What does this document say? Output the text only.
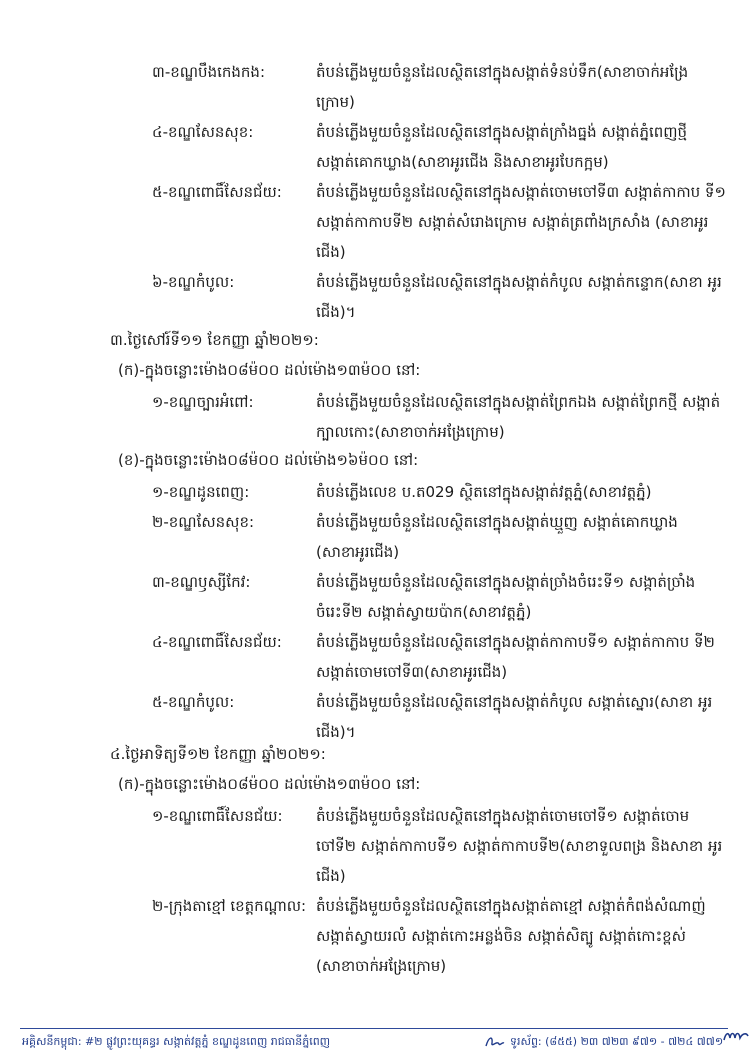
៣-ខណ្ឌបឹងកេងកង:	តំបន់ភ្លើងមួយចំនួនដែលស្ថិតនៅក្នុងសង្កាត់ទំនប់ទឹក(សាខាចាក់អង្រែ ក្រោម)
៤-ខណ្ឌសែនសុខ:	តំបន់ភ្លើងមួយចំនួនដែលស្ថិតនៅក្នុងសង្កាត់ក្រាំងធ្នង់ សង្កាត់ភ្នំពេញថ្មី សង្កាត់គោកឃ្លាង(សាខាអូរជើង និងសាខាអូរបែកក្អម)
៥-ខណ្ឌពោធិ៍សែនជ័យ: តំបន់ភ្លើងមួយចំនួនដែលស្ថិតនៅក្នុងសង្កាត់ចោមចៅទី៣ សង្កាត់កាកាប ទី១ សង្កាត់កាកាបទី២ សង្កាត់សំរោងក្រោម សង្កាត់ត្រពាំងក្រសាំង (សាខាអូរជើង)
៦-ខណ្ឌកំបូល:	តំបន់ភ្លើងមួយចំនួនដែលស្ថិតនៅក្នុងសង្កាត់កំបូល សង្កាត់កន្ទោក(សាខា អូរជើង)។
៣.ថ្ងៃសៅរ៍ទី១១ ខែកញ្ញា ឆ្នាំ២០២១:
(ក)-ក្នុងចន្លោះម៉ោង០៨ម៉០០ ដល់ម៉ោង១៣ម៉០០ នៅ:
១-ខណ្ឌច្បារអំពៅ:	តំបន់ភ្លើងមួយចំនួនដែលស្ថិតនៅក្នុងសង្កាត់ព្រែកឯង សង្កាត់ព្រែកថ្មី សង្កាត់ក្បាលកោះ(សាខាចាក់អង្រែក្រោម)
(ខ)-ក្នុងចន្លោះម៉ោង០៨ម៉០០ ដល់ម៉ោង១៦ម៉០០ នៅ:
១-ខណ្ឌដូនពេញ:	តំបន់ភ្លើងលេខ ប.ត029 ស្ថិតនៅក្នុងសង្កាត់វត្តភ្នំ(សាខាវត្តភ្នំ)
២-ខណ្ឌសែនសុខ:	តំបន់ភ្លើងមួយចំនួនដែលស្ថិតនៅក្នុងសង្កាត់ឃ្មួញ សង្កាត់គោកឃ្លាង (សាខាអូរជើង)
៣-ខណ្ឌឫស្សីកែវ:	តំបន់ភ្លើងមួយចំនួនដែលស្ថិតនៅក្នុងសង្កាត់ច្រាំងចំរេះទី១ សង្កាត់ច្រាំង ចំរេះទី២ សង្កាត់ស្វាយប៉ាក(សាខាវត្តភ្នំ)
៤-ខណ្ឌពោធិ៍សែនជ័យ: តំបន់ភ្លើងមួយចំនួនដែលស្ថិតនៅក្នុងសង្កាត់កាកាបទី១ សង្កាត់កាកាប ទី២ សង្កាត់ចោមចៅទី៣(សាខាអូរជើង)
៥-ខណ្ឌកំបូល:	តំបន់ភ្លើងមួយចំនួនដែលស្ថិតនៅក្នុងសង្កាត់កំបូល សង្កាត់ស្នោរ(សាខា អូរជើង)។
៤.ថ្ងៃអាទិត្យទី១២ ខែកញ្ញា ឆ្នាំ២០២១:
(ក)-ក្នុងចន្លោះម៉ោង០៨ម៉០០ ដល់ម៉ោង១៣ម៉០០ នៅ:
១-ខណ្ឌពោធិ៍សែនជ័យ: តំបន់ភ្លើងមួយចំនួនដែលស្ថិតនៅក្នុងសង្កាត់ចោមចៅទី១ សង្កាត់ចោម ចៅទី២ សង្កាត់កាកាបទី១ សង្កាត់កាកាបទី២(សាខាទួលពង្រ និងសាខា អូរជើង)
២-ក្រុងតាខ្មៅ ខេត្តកណ្តាល: តំបន់ភ្លើងមួយចំនួនដែលស្ថិតនៅក្នុងសង្កាត់តាខ្មៅ សង្កាត់កំពង់សំណាញ់ សង្កាត់ស្វាយរលំ សង្កាត់កោះអន្លង់ចិន សង្កាត់សិត្បូ សង្កាត់កោះខ្ពស់ (សាខាចាក់អង្រែក្រោម)
អគ្គិសនីកម្ពុជា: #២ ផ្លូវព្រះយុគន្ធរ សង្កាត់វត្តភ្នំ ខណ្ឌដូនពេញ រាជធានីភ្នំពេញ	ទូរស័ព្ទ: (៨៥៥) ២៣ ៧២៣ ៩៧១ - ៧២៤ ៧៧១
